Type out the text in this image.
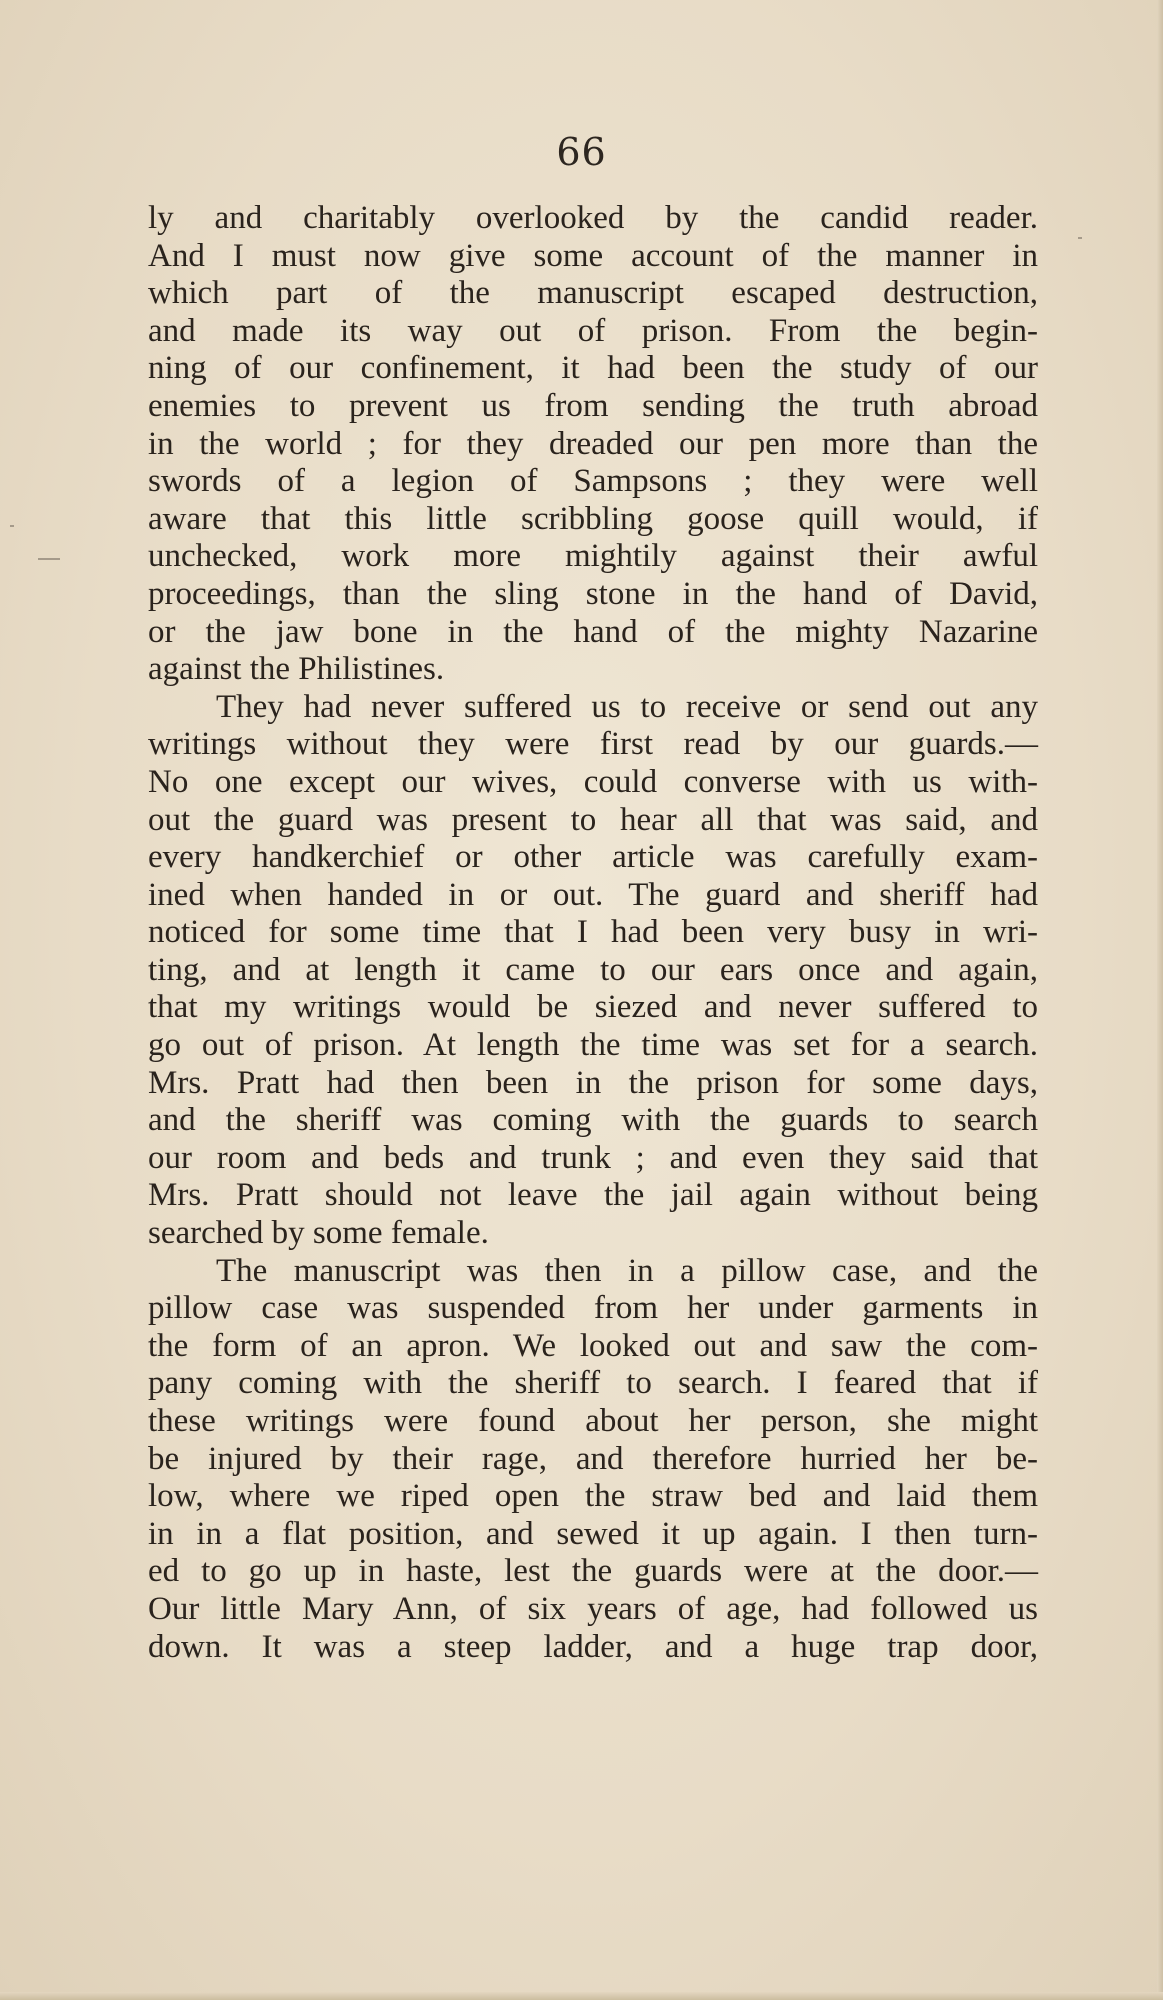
66
ly and charitably overlooked by the candid reader.
And I must now give some account of the manner in
which part of the manuscript escaped destruction,
and made its way out of prison. From the begin-
ning of our confinement, it had been the study of our
enemies to prevent us from sending the truth abroad
in the world ; for they dreaded our pen more than the
swords of a legion of Sampsons ; they were well
aware that this little scribbling goose quill would, if
unchecked, work more mightily against their awful
proceedings, than the sling stone in the hand of David,
or the jaw bone in the hand of the mighty Nazarine
against the Philistines.
They had never suffered us to receive or send out any
writings without they were first read by our guards.—
No one except our wives, could converse with us with-
out the guard was present to hear all that was said, and
every handkerchief or other article was carefully exam-
ined when handed in or out. The guard and sheriff had
noticed for some time that I had been very busy in wri-
ting, and at length it came to our ears once and again,
that my writings would be siezed and never suffered to
go out of prison. At length the time was set for a search.
Mrs. Pratt had then been in the prison for some days,
and the sheriff was coming with the guards to search
our room and beds and trunk ; and even they said that
Mrs. Pratt should not leave the jail again without being
searched by some female.
The manuscript was then in a pillow case, and the
pillow case was suspended from her under garments in
the form of an apron. We looked out and saw the com-
pany coming with the sheriff to search. I feared that if
these writings were found about her person, she might
be injured by their rage, and therefore hurried her be-
low, where we riped open the straw bed and laid them
in in a flat position, and sewed it up again. I then turn-
ed to go up in haste, lest the guards were at the door.—
Our little Mary Ann, of six years of age, had followed us
down. It was a steep ladder, and a huge trap door,
